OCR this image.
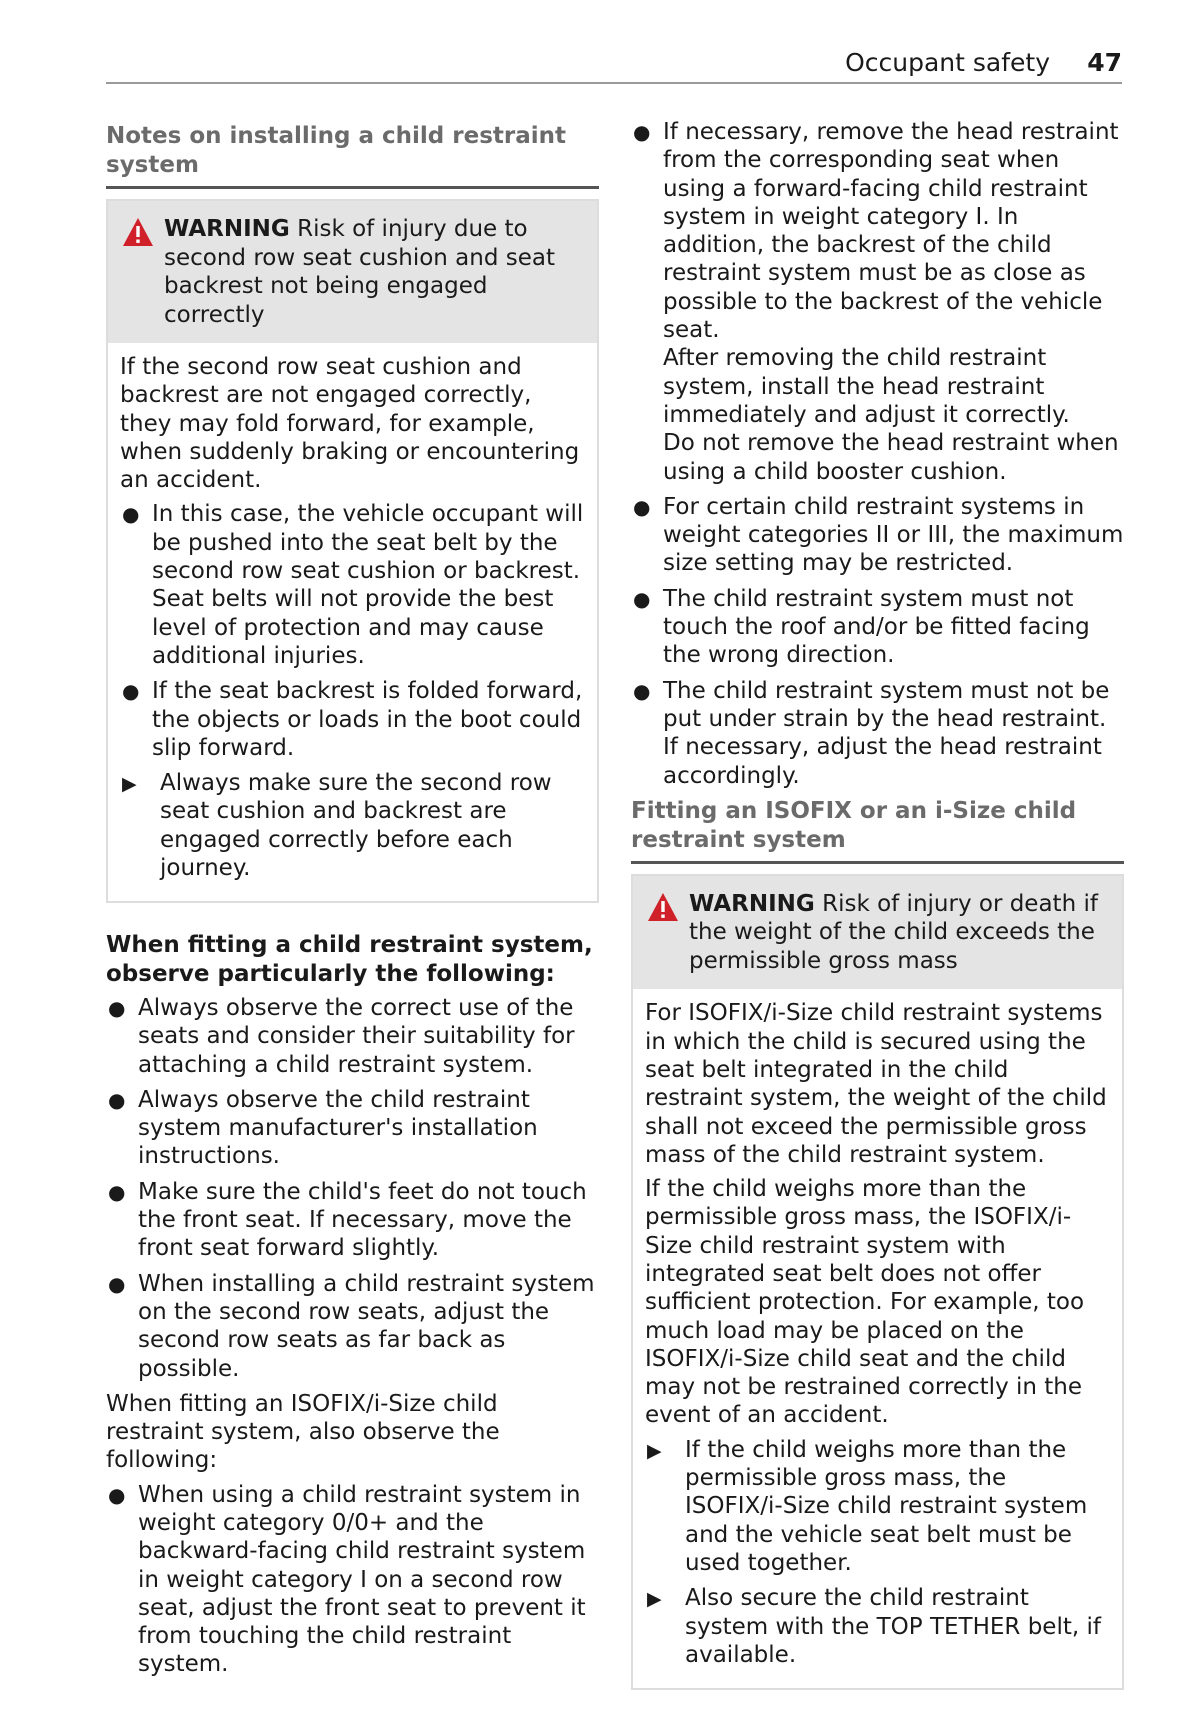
Occupant safety 47
Notes on installing a child restraint system
WARNING Risk of injury due to second row seat cushion and seat backrest not being engaged correctly

If the second row seat cushion and backrest are not engaged correctly, they may fold forward, for example, when suddenly braking or encountering an accident.

● In this case, the vehicle occupant will be pushed into the seat belt by the second row seat cushion or backrest. Seat belts will not provide the best level of protection and may cause additional injuries.
● If the seat backrest is folded forward, the objects or loads in the boot could slip forward.
▶ Always make sure the second row seat cushion and backrest are engaged correctly before each journey.

When fitting a child restraint system, observe particularly the following:

● Always observe the correct use of the seats and consider their suitability for attaching a child restraint system.
● Always observe the child restraint system manufacturer's installation instructions.
● Make sure the child's feet do not touch the front seat. If necessary, move the front seat forward slightly.
● When installing a child restraint system on the second row seats, adjust the second row seats as far back as possible.

When fitting an ISOFIX/i-Size child restraint system, also observe the following:

● When using a child restraint system in weight category 0/0+ and the backward-facing child restraint system in weight category I on a second row seat, adjust the front seat to prevent it from touching the child restraint system.
● If necessary, remove the head restraint from the corresponding seat when using a forward-facing child restraint system in weight category I. In addition, the backrest of the child restraint system must be as close as possible to the backrest of the vehicle seat.
After removing the child restraint system, install the head restraint immediately and adjust it correctly.
Do not remove the head restraint when using a child booster cushion.
● For certain child restraint systems in weight categories II or III, the maximum size setting may be restricted.
● The child restraint system must not touch the roof and/or be fitted facing the wrong direction.
● The child restraint system must not be put under strain by the head restraint. If necessary, adjust the head restraint accordingly.
Fitting an ISOFIX or an i-Size child restraint system
WARNING Risk of injury or death if the weight of the child exceeds the permissible gross mass

For ISOFIX/i-Size child restraint systems in which the child is secured using the seat belt integrated in the child restraint system, the weight of the child shall not exceed the permissible gross mass of the child restraint system.

If the child weighs more than the permissible gross mass, the ISOFIX/i-Size child restraint system with integrated seat belt does not offer sufficient protection. For example, too much load may be placed on the ISOFIX/i-Size child seat and the child may not be restrained correctly in the event of an accident.

▶ If the child weighs more than the permissible gross mass, the ISOFIX/i-Size child restraint system and the vehicle seat belt must be used together.
▶ Also secure the child restraint system with the TOP TETHER belt, if available.
